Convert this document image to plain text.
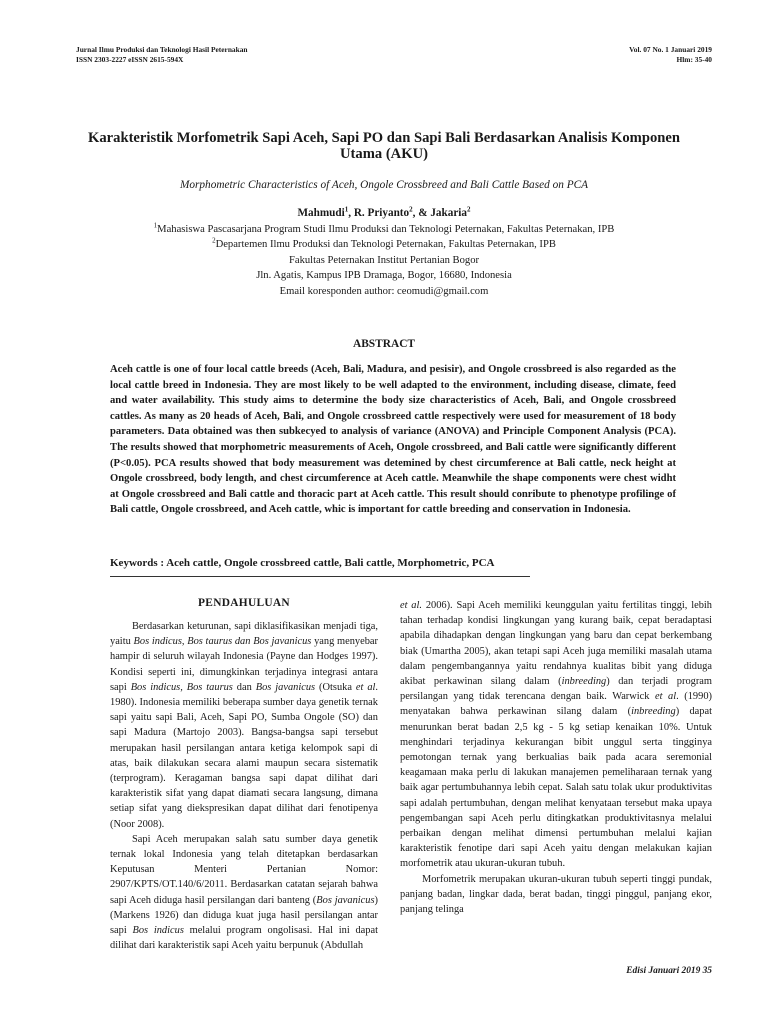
Jurnal Ilmu Produksi dan Teknologi Hasil Peternakan
ISSN 2303-2227 eISSN 2615-594X
Vol. 07 No. 1 Januari 2019
Hlm: 35-40
Karakteristik Morfometrik Sapi Aceh, Sapi PO dan Sapi Bali Berdasarkan Analisis Komponen Utama (AKU)
Morphometric Characteristics of Aceh, Ongole Crossbreed and Bali Cattle Based on PCA
Mahmudi$^1$, R. Priyanto$^2$, & Jakaria$^2$
$^1$Mahasiswa Pascasarjana Program Studi Ilmu Produksi dan Teknologi Peternakan, Fakultas Peternakan, IPB
$^2$Departemen Ilmu Produksi dan Teknologi Peternakan, Fakultas Peternakan, IPB
Fakultas Peternakan Institut Pertanian Bogor
Jln. Agatis, Kampus IPB Dramaga, Bogor, 16680, Indonesia
Email koresponden author: ceomudi@gmail.com
ABSTRACT
Aceh cattle is one of four local cattle breeds (Aceh, Bali, Madura, and pesisir), and Ongole crossbreed is also regarded as the local cattle breed in Indonesia. They are most likely to be well adapted to the environment, including disease, climate, feed and water availability. This study aims to determine the body size characteristics of Aceh, Bali, and Ongole crossbreed cattles. As many as 20 heads of Aceh, Bali, and Ongole crossbreed cattle respectively were used for measurement of 18 body parameters. Data obtained was then subkecyed to analysis of variance (ANOVA) and Principle Component Analysis (PCA). The results showed that morphometric measurements of Aceh, Ongole crossbreed, and Bali cattle were significantly different (P<0.05). PCA results showed that body measurement was detemined by chest circumference at Bali cattle, neck height at Ongole crossbreed, body length, and chest circumference at Aceh cattle. Meanwhile the shape components were chest widht at Ongole crossbreed and Bali cattle and thoracic part at Aceh cattle. This result should conribute to phenotype profilinge of Bali cattle, Ongole crossbreed, and Aceh cattle, whic is important for cattle breeding and conservation in Indonesia.
Keywords : Aceh cattle, Ongole crossbreed cattle, Bali cattle, Morphometric, PCA
PENDAHULUAN

Berdasarkan keturunan, sapi diklasifikasikan menjadi tiga, yaitu Bos indicus, Bos taurus dan Bos javanicus yang menyebar hampir di seluruh wilayah Indonesia (Payne dan Hodges 1997). Kondisi seperti ini, dimungkinkan terjadinya integrasi antara sapi Bos indicus, Bos taurus dan Bos javanicus (Otsuka et al. 1980). Indonesia memiliki beberapa sumber daya genetik ternak sapi yaitu sapi Bali, Aceh, Sapi PO, Sumba Ongole (SO) dan sapi Madura (Martojo 2003). Bangsa-bangsa sapi tersebut merupakan hasil persilangan antara ketiga kelompok sapi di atas, baik dilakukan secara alami maupun secara sistematik (terprogram). Keragaman bangsa sapi dapat dilihat dari karakteristik sifat yang dapat diamati secara langsung, dimana setiap sifat yang diekspresikan dapat dilihat dari fenotipenya (Noor 2008).

Sapi Aceh merupakan salah satu sumber daya genetik ternak lokal Indonesia yang telah ditetapkan berdasarkan Keputusan Menteri Pertanian Nomor: 2907/KPTS/OT.140/6/2011. Berdasarkan catatan sejarah bahwa sapi Aceh diduga hasil persilangan dari banteng (Bos javanicus) (Markens 1926) dan diduga kuat juga hasil persilangan antar sapi Bos indicus melalui program ongolisasi. Hal ini dapat dilihat dari karakteristik sapi Aceh yaitu berpunuk (Abdullah

et al. 2006). Sapi Aceh memiliki keunggulan yaitu fertilitas tinggi, lebih tahan terhadap kondisi lingkungan yang kurang baik, cepat beradaptasi apabila dihadapkan dengan lingkungan yang baru dan cepat berkembang biak (Umartha 2005), akan tetapi sapi Aceh juga memiliki masalah utama dalam pengembangannya yaitu rendahnya kualitas bibit yang diduga akibat perkawinan silang dalam (inbreeding) dan terjadi program persilangan yang tidak terencana dengan baik. Warwick et al. (1990) menyatakan bahwa perkawinan silang dalam (inbreeding) dapat menurunkan berat badan 2,5 kg - 5 kg setiap kenaikan 10%. Untuk menghindari terjadinya kekurangan bibit unggul serta tingginya pemotongan ternak yang berkualias baik pada acara seremonial keagamaan maka perlu di lakukan manajemen pemeliharaan ternak yang baik agar pertumbuhannya lebih cepat. Salah satu tolak ukur produktivitas sapi adalah pertumbuhan, dengan melihat kenyataan tersebut maka upaya pengembangan sapi Aceh perlu ditingkatkan produktivitasnya melalui perbaikan dengan melihat dimensi pertumbuhan melalui kajian karakteristik fenotipe dari sapi Aceh yaitu dengan melakukan kajian morfometrik atau ukuran-ukuran tubuh.

Morfometrik merupakan ukuran-ukuran tubuh seperti tinggi pundak, panjang badan, lingkar dada, berat badan, tinggi pinggul, panjang ekor, panjang telinga

Edisi Januari 2019 35
